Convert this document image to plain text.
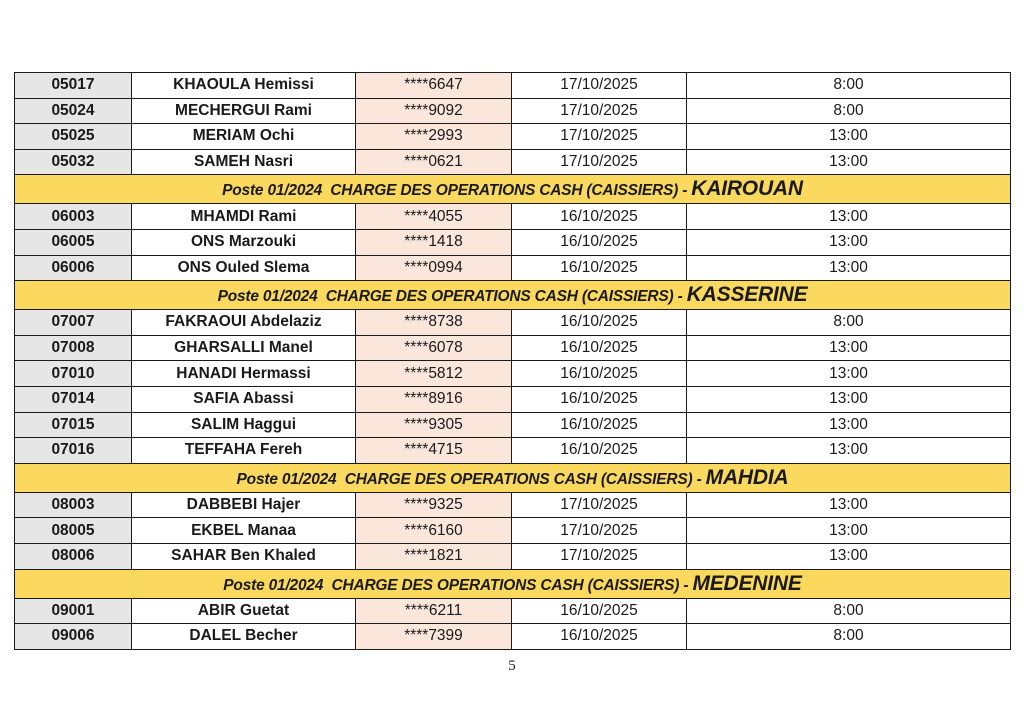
05017	KHAOULA Hemissi	****6647	17/10/2025	8:00
05024	MECHERGUI Rami	****9092	17/10/2025	8:00
05025	MERIAM Ochi	****2993	17/10/2025	13:00
05032	SAMEH Nasri	****0621	17/10/2025	13:00
Poste 01/2024  CHARGE DES OPERATIONS CASH (CAISSIERS) - KAIROUAN				
06003	MHAMDI Rami	****4055	16/10/2025	13:00
06005	ONS Marzouki	****1418	16/10/2025	13:00
06006	ONS Ouled Slema	****0994	16/10/2025	13:00
Poste 01/2024  CHARGE DES OPERATIONS CASH (CAISSIERS) - KASSERINE				
07007	FAKRAOUI Abdelaziz	****8738	16/10/2025	8:00
07008	GHARSALLI Manel	****6078	16/10/2025	13:00
07010	HANADI Hermassi	****5812	16/10/2025	13:00
07014	SAFIA Abassi	****8916	16/10/2025	13:00
07015	SALIM Haggui	****9305	16/10/2025	13:00
07016	TEFFAHA Fereh	****4715	16/10/2025	13:00
Poste 01/2024  CHARGE DES OPERATIONS CASH (CAISSIERS) - MAHDIA				
08003	DABBEBI Hajer	****9325	17/10/2025	13:00
08005	EKBEL Manaa	****6160	17/10/2025	13:00
08006	SAHAR Ben Khaled	****1821	17/10/2025	13:00
Poste 01/2024  CHARGE DES OPERATIONS CASH (CAISSIERS) - MEDENINE				
09001	ABIR Guetat	****6211	16/10/2025	8:00
09006	DALEL Becher	****7399	16/10/2025	8:00
5
